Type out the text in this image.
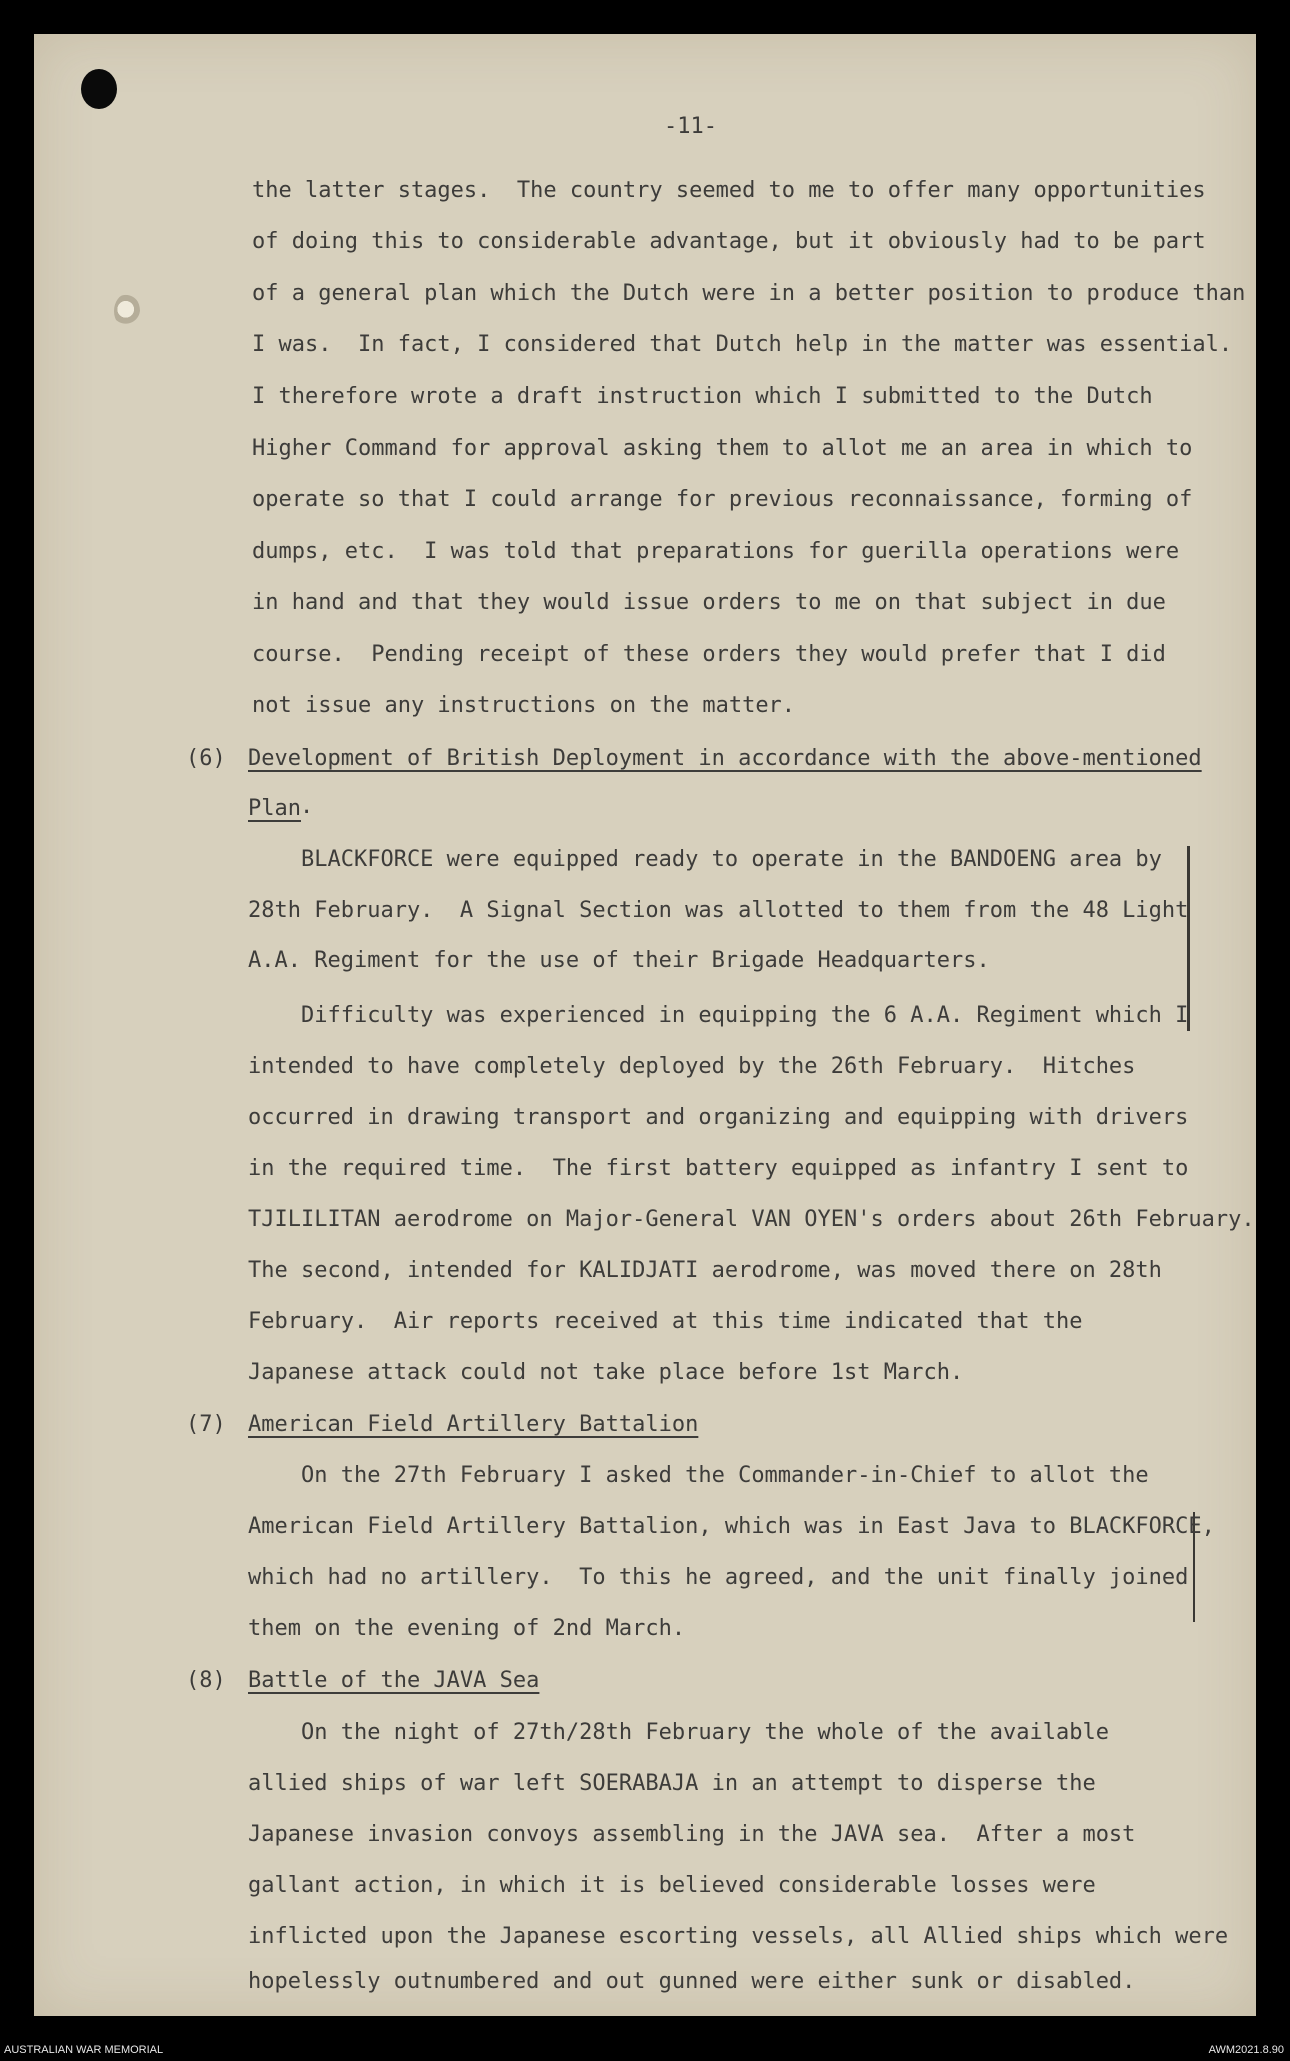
-11-
the latter stages.  The country seemed to me to offer many opportunities
of doing this to considerable advantage, but it obviously had to be part
of a general plan which the Dutch were in a better position to produce than
I was.  In fact, I considered that Dutch help in the matter was essential.
I therefore wrote a draft instruction which I submitted to the Dutch
Higher Command for approval asking them to allot me an area in which to
operate so that I could arrange for previous reconnaissance, forming of
dumps, etc.  I was told that preparations for guerilla operations were
in hand and that they would issue orders to me on that subject in due
course.  Pending receipt of these orders they would prefer that I did
not issue any instructions on the matter.
(6) Development of British Deployment in accordance with the above-mentioned
Plan .
BLACKFORCE were equipped ready to operate in the BANDOENG area by
28th February.  A Signal Section was allotted to them from the 48 Light
A.A. Regiment for the use of their Brigade Headquarters.
Difficulty was experienced in equipping the 6 A.A. Regiment which I
intended to have completely deployed by the 26th February.  Hitches
occurred in drawing transport and organizing and equipping with drivers
in the required time.  The first battery equipped as infantry I sent to
TJILILITAN aerodrome on Major-General VAN OYEN's orders about 26th February.
The second, intended for KALIDJATI aerodrome, was moved there on 28th
February.  Air reports received at this time indicated that the
Japanese attack could not take place before 1st March.
(7) American Field Artillery Battalion
On the 27th February I asked the Commander-in-Chief to allot the
American Field Artillery Battalion, which was in East Java to BLACKFORCE,
which had no artillery.  To this he agreed, and the unit finally joined
them on the evening of 2nd March.
(8) Battle of the JAVA Sea
On the night of 27th/28th February the whole of the available
allied ships of war left SOERABAJA in an attempt to disperse the
Japanese invasion convoys assembling in the JAVA sea.  After a most
gallant action, in which it is believed considerable losses were
inflicted upon the Japanese escorting vessels, all Allied ships which were
hopelessly outnumbered and out gunned were either sunk or disabled.
AUSTRALIAN WAR MEMORIAL	AWM2021.8.90
